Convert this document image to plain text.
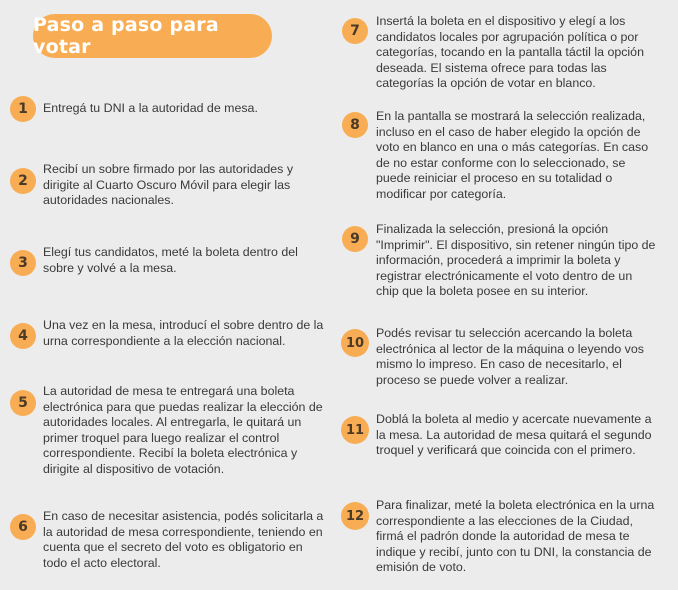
Paso a paso para votar
1	Entregá tu DNI a la autoridad de mesa.
2
Recibí un sobre firmado por las autoridades y
dirigite al Cuarto Oscuro Móvil para elegir las
autoridades nacionales.
3
Elegí tus candidatos, meté la boleta dentro del
sobre y volvé a la mesa.
4
Una vez en la mesa, introducí el sobre dentro de la
urna correspondiente a la elección nacional.
5
La autoridad de mesa te entregará una boleta
electrónica para que puedas realizar la elección de
autoridades locales. Al entregarla, le quitará un
primer troquel para luego realizar el control
correspondiente. Recibí la boleta electrónica y
dirigite al dispositivo de votación.
6
En caso de necesitar asistencia, podés solicitarla a
la autoridad de mesa correspondiente, teniendo en
cuenta que el secreto del voto es obligatorio en
todo el acto electoral.
7
Insertá la boleta en el dispositivo y elegí a los
candidatos locales por agrupación política o por
categorías, tocando en la pantalla táctil la opción
deseada. El sistema ofrece para todas las
categorías la opción de votar en blanco.
8
En la pantalla se mostrará la selección realizada,
incluso en el caso de haber elegido la opción de
voto en blanco en una o más categorías. En caso
de no estar conforme con lo seleccionado, se
puede reiniciar el proceso en su totalidad o
modificar por categoría.
9
Finalizada la selección, presioná la opción
"Imprimir". El dispositivo, sin retener ningún tipo de
información, procederá a imprimir la boleta y
registrar electrónicamente el voto dentro de un
chip que la boleta posee en su interior.
10
Podés revisar tu selección acercando la boleta
electrónica al lector de la máquina o leyendo vos
mismo lo impreso. En caso de necesitarlo, el
proceso se puede volver a realizar.
11
Doblá la boleta al medio y acercate nuevamente a
la mesa. La autoridad de mesa quitará el segundo
troquel y verificará que coincida con el primero.
12
Para finalizar, meté la boleta electrónica en la urna
correspondiente a las elecciones de la Ciudad,
firmá el padrón donde la autoridad de mesa te
indique y recibí, junto con tu DNI, la constancia de
emisión de voto.
